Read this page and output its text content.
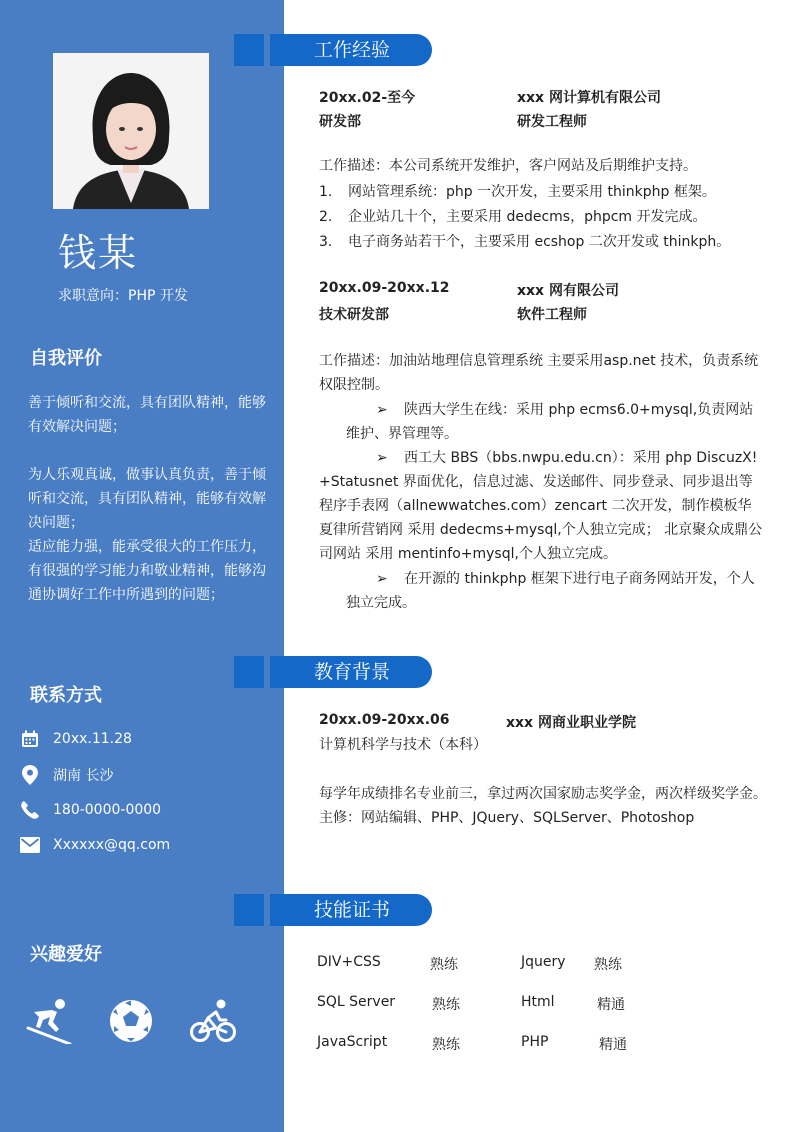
钱某
求职意向：PHP 开发
自我评价
善于倾听和交流，具有团队精神，能够有效解决问题；
为人乐观真诚，做事认真负责，善于倾听和交流，具有团队精神，能够有效解决问题；
适应能力强，能承受很大的工作压力，有很强的学习能力和敬业精神，能够沟通协调好工作中所遇到的问题；
联系方式
20xx.11.28
湖南 长沙
180-0000-0000
Xxxxxx@qq.com
兴趣爱好
工作经验
20xx.02-至今	xxx 网计算机有限公司
研发部	研发工程师
工作描述：本公司系统开发维护，客户网站及后期维护支持。
1. 网站管理系统：php 一次开发，主要采用 thinkphp 框架。
2. 企业站几十个，主要采用 dedecms，phpcm 开发完成。
3. 电子商务站若干个，主要采用 ecshop 二次开发或 thinkph。
20xx.09-20xx.12	xxx 网有限公司
技术研发部	软件工程师
工作描述：加油站地理信息管理系统 主要采用asp.net 技术，负责系统权限控制。
➢	陕西大学生在线：采用 php ecms6.0+mysql,负责网站维护、界管理等。
➢	西工大 BBS（bbs.nwpu.edu.cn）：采用 php DiscuzX! +Statusnet 界面优化，信息过滤、发送邮件、同步登录、同步退出等程序手表网（allnewwatches.com）zencart 二次开发，制作模板华夏律所营销网 采用 dedecms+mysql,个人独立完成； 北京聚众成鼎公司网站 采用 mentinfo+mysql,个人独立完成。
➢	在开源的 thinkphp 框架下进行电子商务网站开发，个人独立完成。
教育背景
20xx.09-20xx.06	xxx 网商业职业学院
计算机科学与技术（本科）
每学年成绩排名专业前三，拿过两次国家励志奖学金，两次样级奖学金。
主修：网站编辑、PHP、JQuery、SQLServer、Photoshop
技能证书
DIV+CSS	熟练	Jquery 熟练
SQL Server	熟练	Html	精通
JavaScript	熟练	PHP	精通
